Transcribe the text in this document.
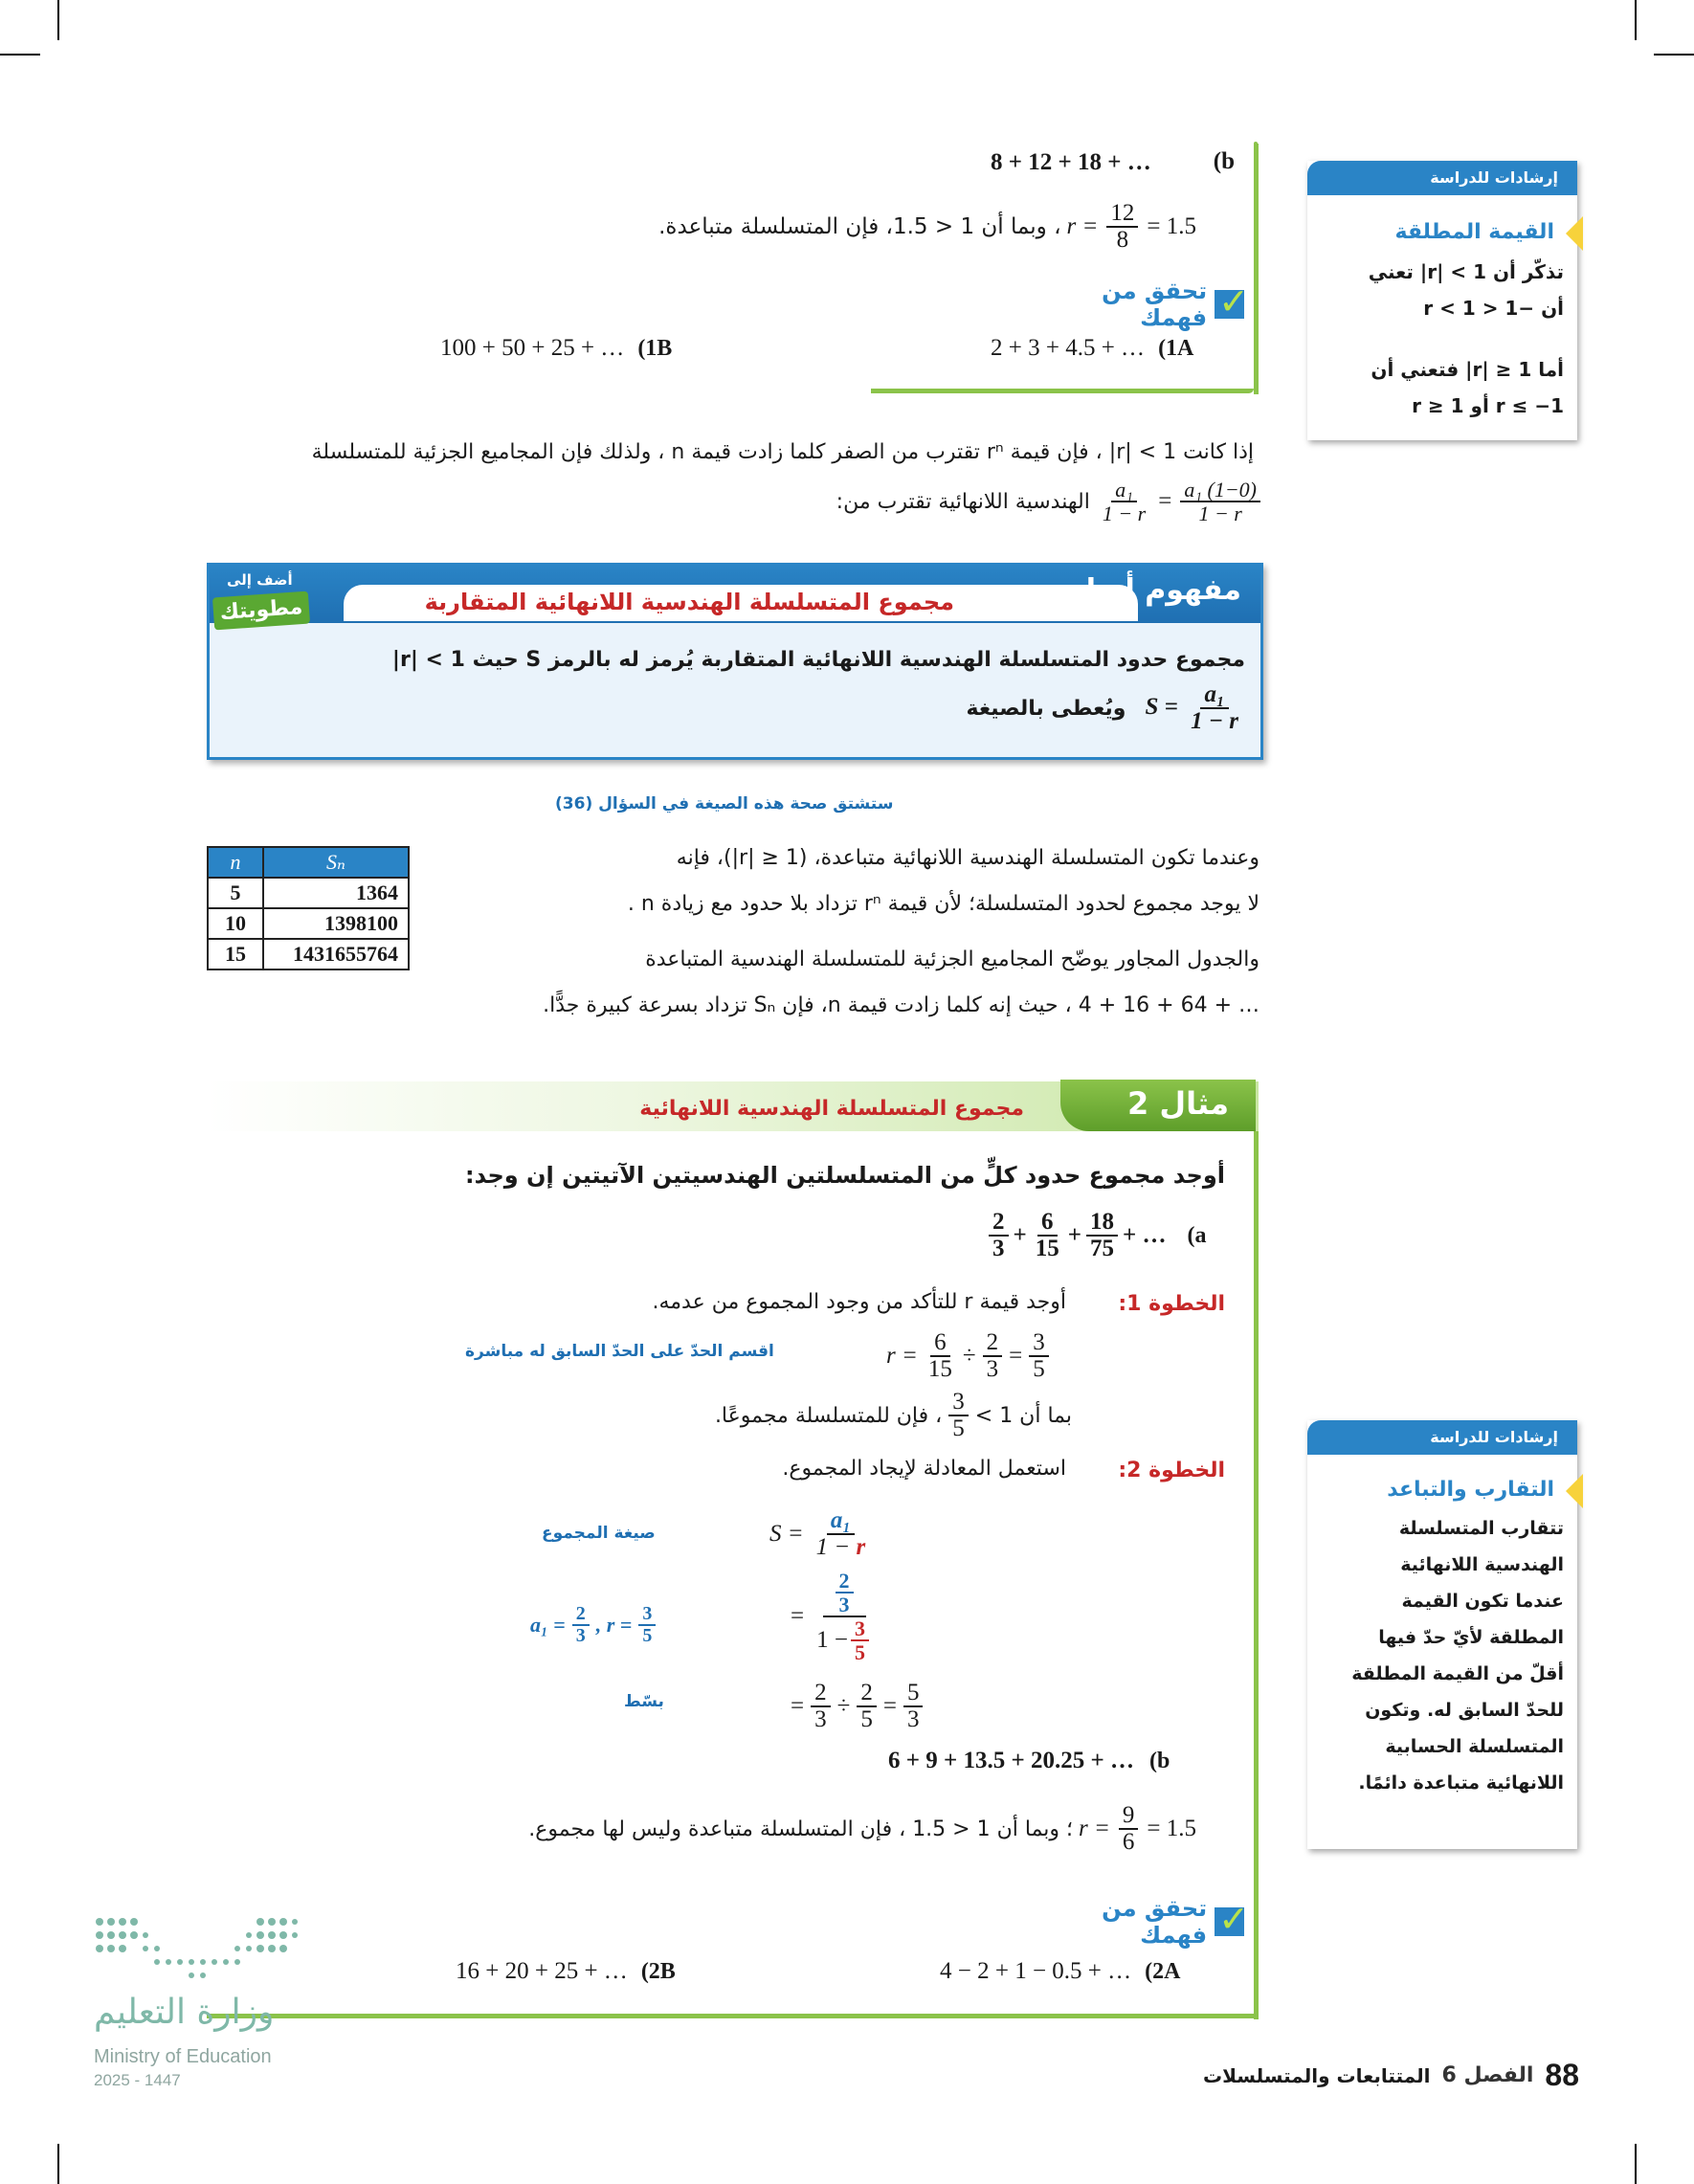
(b
8 + 12 + 18 + …
، وبما أن 1 < 1.5، فإن المتسلسلة متباعدة. $r = \frac{12}{8} = 1.5$
تحقق من فهمك
✓
2 + 3 + 4.5 + … (1A
100 + 50 + 25 + … (1B
إرشادات للدراسة
القيمة المطلقة
تذكّر أن 1 > |r| تعني
أن −1 < r < 1
أما 1 ≤ |r| فتعني أن
r ≥ 1 أو r ≤ −1
إذا كانت 1 > |r| ، فإن قيمة rⁿ تقترب من الصفر كلما زادت قيمة n ، ولذلك فإن المجاميع الجزئية للمتسلسلة
الهندسية اللانهائية تقترب من: $\frac{\text{a₁}}{1 - r} = \frac{\text{a₁ (1−0)}}{1 - r}$
مفهوم أساسي
مجموع المتسلسلة الهندسية اللانهائية المتقاربة
أضف إلى
مطويتك
مجموع حدود المتسلسلة الهندسية اللانهائية المتقاربة يُرمز له بالرمز S حيث 1 > |r|
ويُعطى بالصيغة $S = \frac{\text{a₁}}{1 - r}$
ستشتق صحة هذه الصيغة في السؤال (36)
n	Sₙ
5	1364
10	1398100
15	1431655764
وعندما تكون المتسلسلة الهندسية اللانهائية متباعدة، (1 ≤ |r|)، فإنه
لا يوجد مجموع لحدود المتسلسلة؛ لأن قيمة rⁿ تزداد بلا حدود مع زيادة n .
والجدول المجاور يوضّح المجاميع الجزئية للمتسلسلة الهندسية المتباعدة
… + 64 + 16 + 4 ، حيث إنه كلما زادت قيمة n، فإن Sₙ تزداد بسرعة كبيرة جدًّا.
مثال 2
مجموع المتسلسلة الهندسية اللانهائية
أوجد مجموع حدود كلٍّ من المتسلسلتين الهندسيتين الآتيتين إن وجد:
$\frac{2}{3} + \frac{6}{15} + \frac{18}{75}$ + … (a
الخطوة 1:
أوجد قيمة r للتأكد من وجود المجموع من عدمه.
$r = \frac{6}{15} \div \frac{2}{3} = \frac{3}{5}$
اقسم الحدّ على الحدّ السابق له مباشرة
، فإن للمتسلسلة مجموعًا. $\frac{3}{5}$ بما أن 1 >
الخطوة 2:
استعمل المعادلة لإيجاد المجموع.
صيغة المجموع	$S = \frac{\text{a₁}}{1 - r}$
$a_1 = \frac{2}{3}$ , $r = \frac{3}{5}$	= $\frac{\frac{2}{3}}{1 - \frac{3}{5}}$
بسّط	= $\frac{2}{3} \div \frac{2}{5} = \frac{5}{3}$
6 + 9 + 13.5 + 20.25 + … (b
؛ وبما أن 1 < 1.5 ، فإن المتسلسلة متباعدة وليس لها مجموع. $r = \frac{9}{6} = 1.5$
تحقق من فهمك
✓
4 − 2 + 1 − 0.5 + … (2A
16 + 20 + 25 + … (2B
إرشادات للدراسة
التقارب والتباعد
تتقارب المتسلسلة
الهندسية اللانهائية
عندما تكون القيمة
المطلقة لأيّ حدّ فيها
أقلّ من القيمة المطلقة
للحدّ السابق له. وتكون
المتسلسلة الحسابية
اللانهائية متباعدة دائمًا.
وزارة التعليم
Ministry of Education
2025 - 1447	المتتابعات والمتسلسلات الفصل 6 88
